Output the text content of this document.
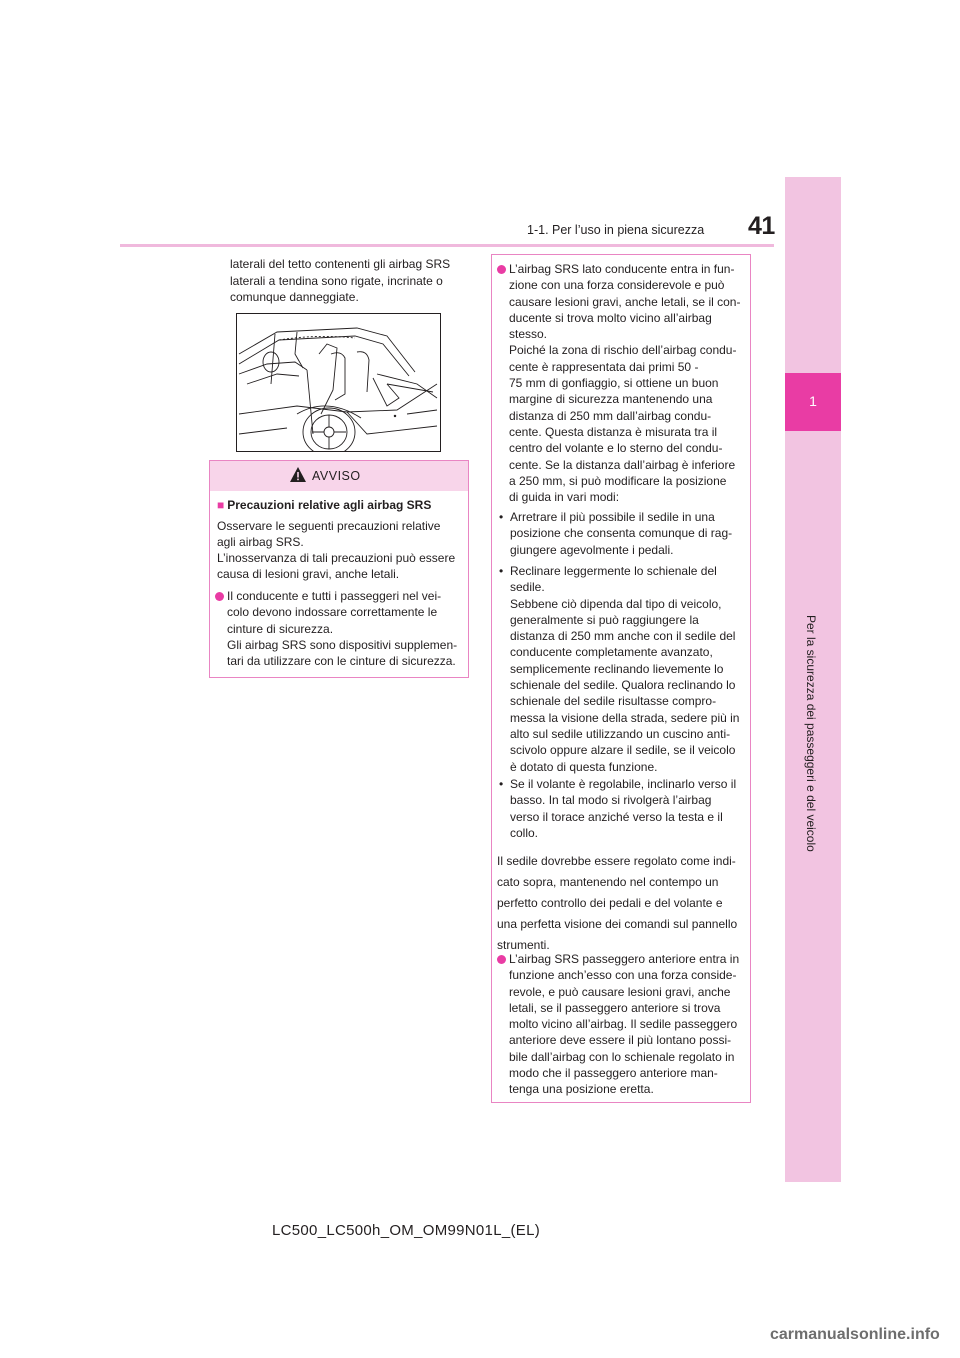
41
1-1. Per l’uso in piena sicurezza
1
Per la sicurezza dei passeggeri e del veicolo
laterali del tetto contenenti gli airbag SRS
laterali a tendina sono rigate, incrinate o
comunque danneggiate.
AVVISO
■ Precauzioni relative agli airbag SRS
Osservare le seguenti precauzioni relative
agli airbag SRS.
L’inosservanza di tali precauzioni può essere
causa di lesioni gravi, anche letali.
Il conducente e tutti i passeggeri nel vei-
colo devono indossare correttamente le
cinture di sicurezza.
Gli airbag SRS sono dispositivi supplemen-
tari da utilizzare con le cinture di sicurezza.
L’airbag SRS lato conducente entra in fun-
zione con una forza considerevole e può
causare lesioni gravi, anche letali, se il con-
ducente si trova molto vicino all’airbag
stesso.
Poiché la zona di rischio dell’airbag condu-
cente è rappresentata dai primi 50 -
75 mm di gonfiaggio, si ottiene un buon
margine di sicurezza mantenendo una
distanza di 250 mm dall’airbag condu-
cente. Questa distanza è misurata tra il
centro del volante e lo sterno del condu-
cente. Se la distanza dall’airbag è inferiore
a 250 mm, si può modificare la posizione
di guida in vari modi:
• Arretrare il più possibile il sedile in una
posizione che consenta comunque di rag-
giungere agevolmente i pedali.
• Reclinare leggermente lo schienale del
sedile.
Sebbene ciò dipenda dal tipo di veicolo,
generalmente si può raggiungere la
distanza di 250 mm anche con il sedile del
conducente completamente avanzato,
semplicemente reclinando lievemente lo
schienale del sedile. Qualora reclinando lo
schienale del sedile risultasse compro-
messa la visione della strada, sedere più in
alto sul sedile utilizzando un cuscino anti-
scivolo oppure alzare il sedile, se il veicolo
è dotato di questa funzione.
• Se il volante è regolabile, inclinarlo verso il
basso. In tal modo si rivolgerà l’airbag
verso il torace anziché verso la testa e il
collo.
Il sedile dovrebbe essere regolato come indi-
cato sopra, mantenendo nel contempo un
perfetto controllo dei pedali e del volante e
una perfetta visione dei comandi sul pannello
strumenti.
L’airbag SRS passeggero anteriore entra in
funzione anch’esso con una forza conside-
revole, e può causare lesioni gravi, anche
letali, se il passeggero anteriore si trova
molto vicino all’airbag. Il sedile passeggero
anteriore deve essere il più lontano possi-
bile dall’airbag con lo schienale regolato in
modo che il passeggero anteriore man-
tenga una posizione eretta.
LC500_LC500h_OM_OM99N01L_(EL)
carmanualsonline.info
